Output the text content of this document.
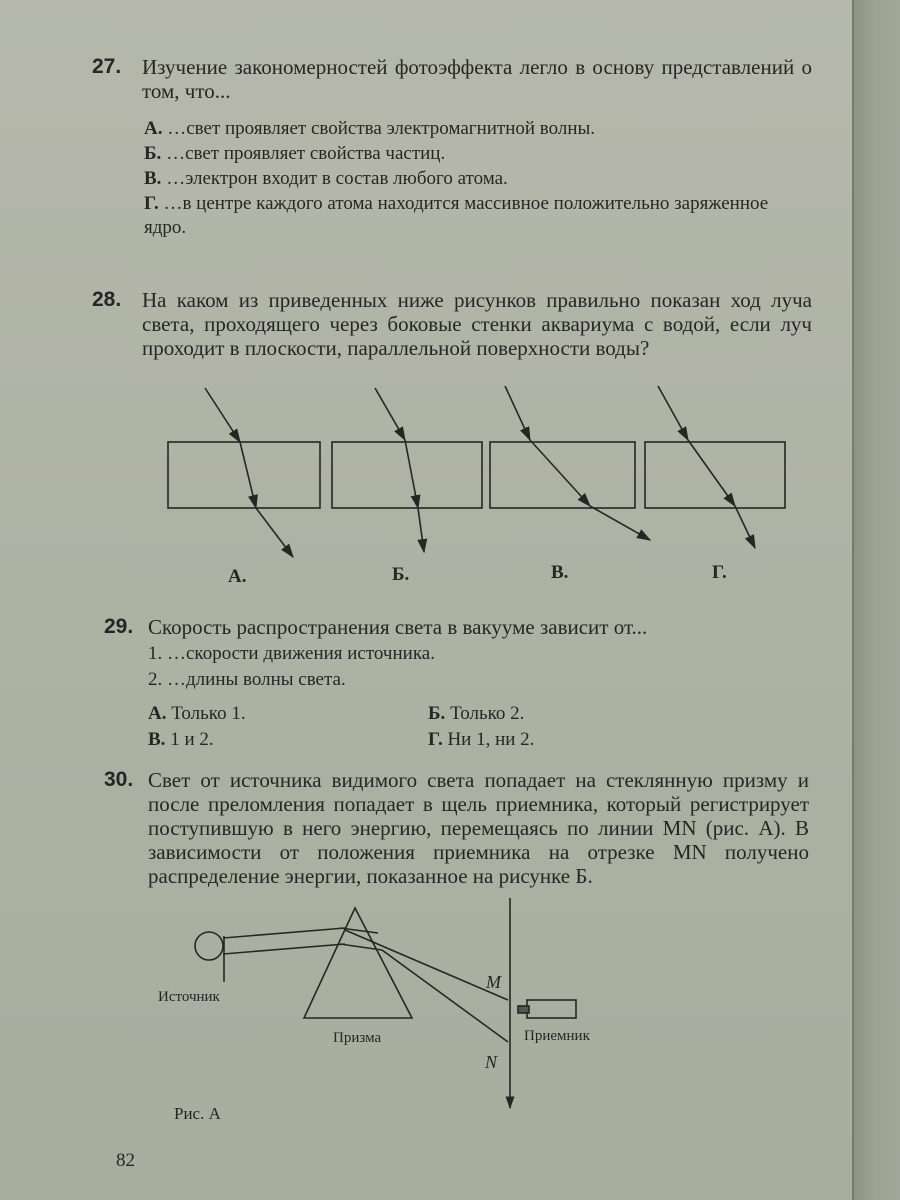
27. Изучение закономерностей фотоэффекта легло в основу представлений о том, что...
А. …свет проявляет свойства электромагнитной волны.
Б. …свет проявляет свойства частиц.
В. …электрон входит в состав любого атома.
Г. …в центре каждого атома находится массивное положительно заряженное ядро.
28. На каком из приведенных ниже рисунков правильно показан ход луча света, проходящего через боковые стенки аквариума с водой, если луч проходит в плоскости, параллельной поверхности воды?
А.	Б.	В.	Г.
29. Скорость распространения света в вакууме зависит от...
1. …скорости движения источника.
2. …длины волны света.
А. Только 1.	Б. Только 2.
В. 1 и 2.	Г. Ни 1, ни 2.
30. Свет от источника видимого света попадает на стеклянную призму и после преломления попадает в щель приемника, который регистрирует поступившую в него энергию, перемещаясь по линии MN (рис. А). В зависимости от положения приемника на отрезке MN получено распределение энергии, показанное на рисунке Б.
Источник
Призма	Приемник
M
N
Рис. А
82
